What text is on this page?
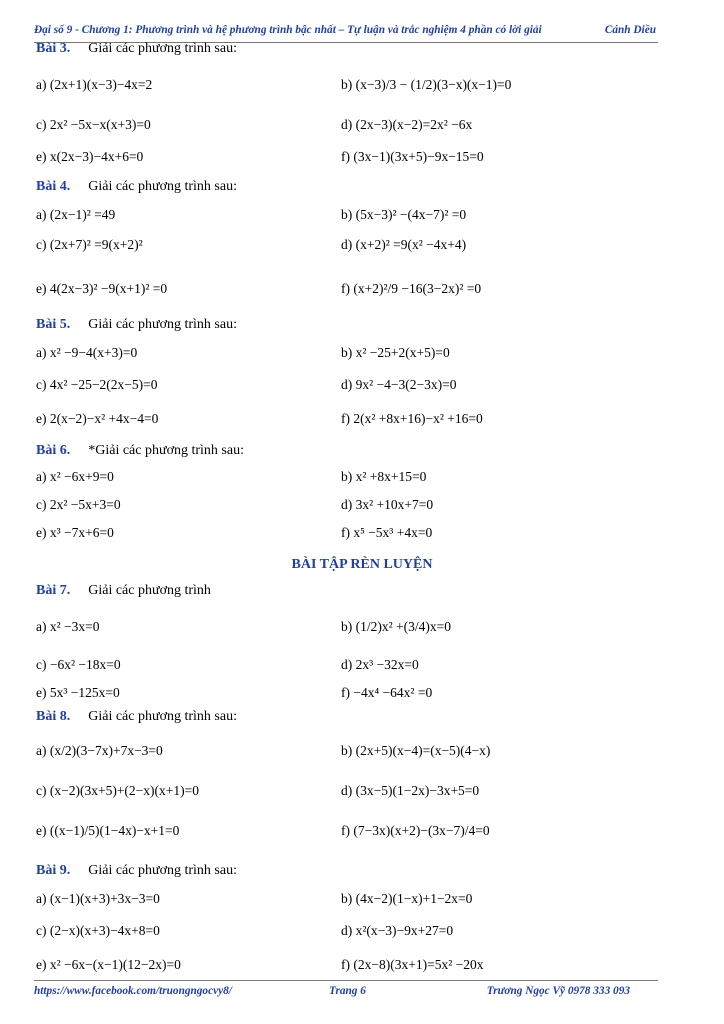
Đại số 9 - Chương 1: Phương trình và hệ phương trình bậc nhất – Tự luận và trắc nghiệm 4 phần có lời giải	Cánh Diều
Bài 3. Giải các phương trình sau:
a) (2x+1)(x−3)−4x=2	b) (x−3)/3 − (1/2)(3−x)(x−1)=0
c) 2x² −5x−x(x+3)=0	d) (2x−3)(x−2)=2x² −6x
e) x(2x−3)−4x+6=0	f) (3x−1)(3x+5)−9x−15=0
Bài 4. Giải các phương trình sau:
a) (2x−1)² =49	b) (5x−3)² −(4x−7)² =0
c) (2x+7)² =9(x+2)²	d) (x+2)² =9(x² −4x+4)
e) 4(2x−3)² −9(x+1)² =0	f) (x+2)²/9 −16(3−2x)² =0
Bài 5. Giải các phương trình sau:
a) x² −9−4(x+3)=0	b) x² −25+2(x+5)=0
c) 4x² −25−2(2x−5)=0	d) 9x² −4−3(2−3x)=0
e) 2(x−2)−x² +4x−4=0	f) 2(x² +8x+16)−x² +16=0
Bài 6. *Giải các phương trình sau:
a) x² −6x+9=0	b) x² +8x+15=0
c) 2x² −5x+3=0	d) 3x² +10x+7=0
e) x³ −7x+6=0	f) x⁵ −5x³ +4x=0
BÀI TẬP RÈN LUYỆN
Bài 7. Giải các phương trình
a) x² −3x=0	b) (1/2)x² +(3/4)x=0
c) −6x² −18x=0	d) 2x³ −32x=0
e) 5x³ −125x=0	f) −4x⁴ −64x² =0
Bài 8. Giải các phương trình sau:
a) (x/2)(3−7x)+7x−3=0	b) (2x+5)(x−4)=(x−5)(4−x)
c) (x−2)(3x+5)+(2−x)(x+1)=0	d) (3x−5)(1−2x)−3x+5=0
e) ((x−1)/5)(1−4x)−x+1=0	f) (7−3x)(x+2)−(3x−7)/4=0
Bài 9. Giải các phương trình sau:
a) (x−1)(x+3)+3x−3=0	b) (4x−2)(1−x)+1−2x=0
c) (2−x)(x+3)−4x+8=0	d) x²(x−3)−9x+27=0
e) x² −6x−(x−1)(12−2x)=0	f) (2x−8)(3x+1)=5x² −20x
https://www.facebook.com/truongngocvy8/	Trang 6	Trương Ngọc Vỹ 0978 333 093
